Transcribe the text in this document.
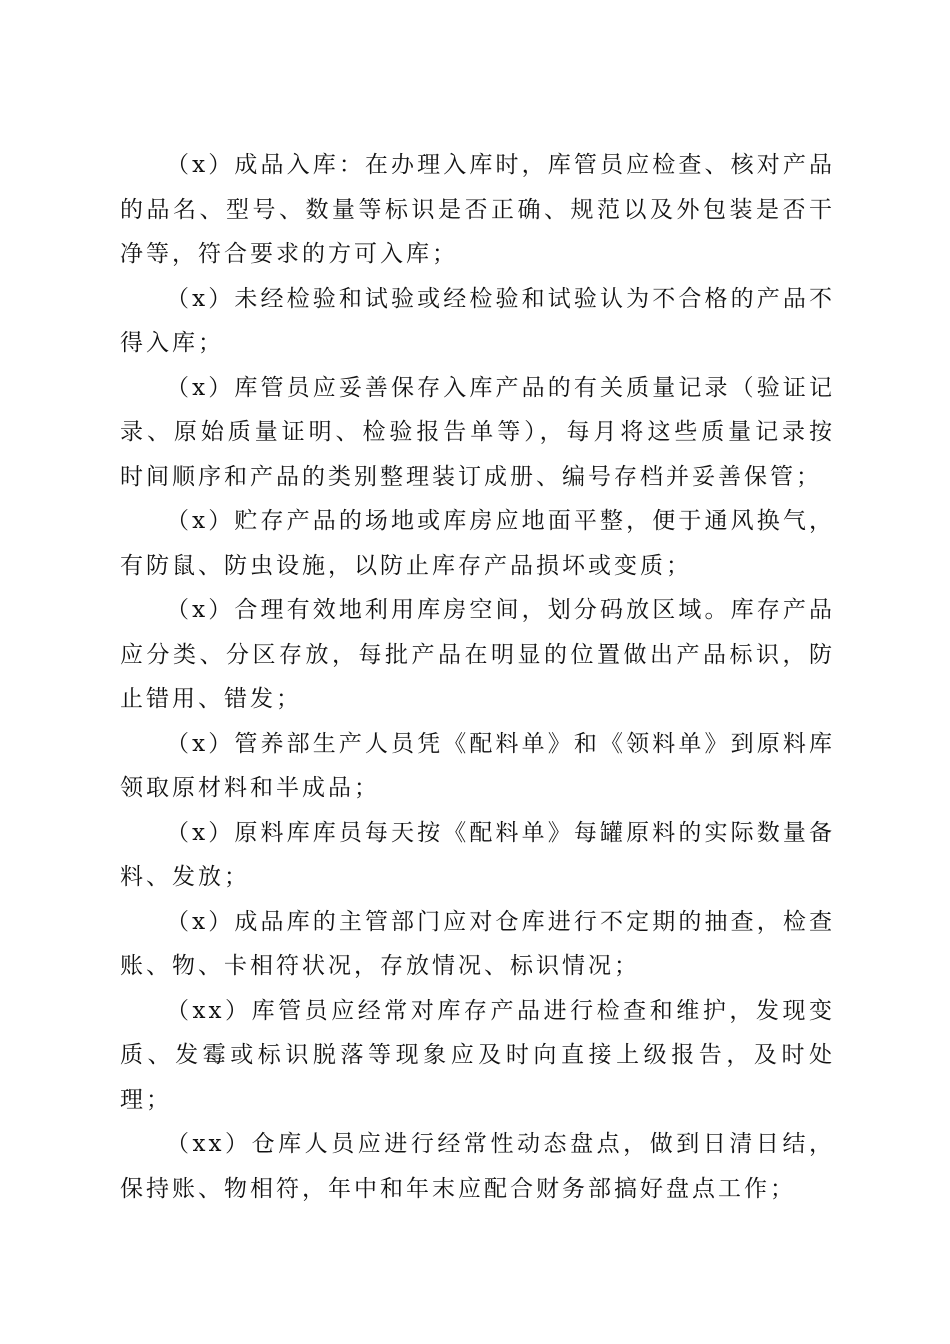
（x）成品入库：在办理入库时，库管员应检查、核对产品的品名、型号、数量等标识是否正确、规范以及外包装是否干净等，符合要求的方可入库；

（x）未经检验和试验或经检验和试验认为不合格的产品不得入库；

（x）库管员应妥善保存入库产品的有关质量记录（验证记录、原始质量证明、检验报告单等），每月将这些质量记录按时间顺序和产品的类别整理装订成册、编号存档并妥善保管；

（x）贮存产品的场地或库房应地面平整，便于通风换气，有防鼠、防虫设施，以防止库存产品损坏或变质；

（x）合理有效地利用库房空间，划分码放区域。库存产品应分类、分区存放，每批产品在明显的位置做出产品标识，防止错用、错发；

（x）管养部生产人员凭《配料单》和《领料单》到原料库领取原材料和半成品；

（x）原料库库员每天按《配料单》每罐原料的实际数量备料、发放；

（x）成品库的主管部门应对仓库进行不定期的抽查，检查账、物、卡相符状况，存放情况、标识情况；

（xx）库管员应经常对库存产品进行检查和维护，发现变质、发霉或标识脱落等现象应及时向直接上级报告，及时处理；

（xx）仓库人员应进行经常性动态盘点，做到日清日结，保持账、物相符，年中和年末应配合财务部搞好盘点工作；
